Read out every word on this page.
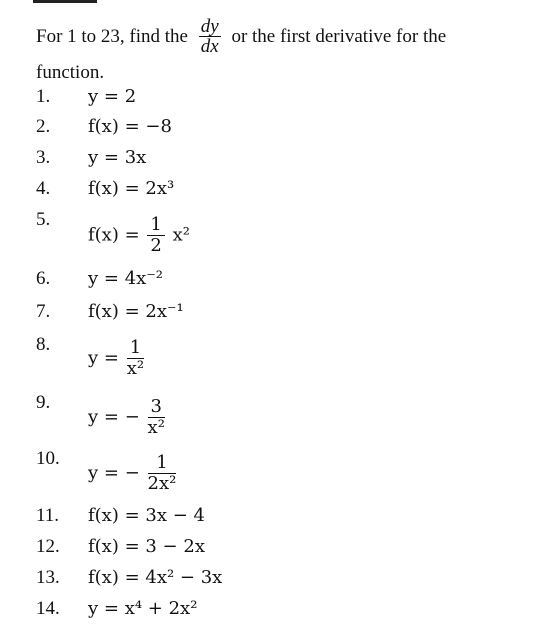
For 1 to 23, find the $\frac{dy}{dx}$ or the first derivative for the
function.
1. y = 2
2. f(x) = −8
3. y = 3x
4. f(x) = 2x³
5.
$f(x) = \frac{1}{2} x^2$
6. y = 4x⁻²
7. f(x) = 2x⁻¹
8.
$y = \frac{1}{\text{x²}}$
9.
y = − $\frac{3}{\text{x²}}$
10.
y = − $\frac{1}{\text{2x²}}$
11. f(x) = 3x − 4
12. f(x) = 3 − 2x
13. f(x) = 4x² − 3x
14. y = x⁴ + 2x²
